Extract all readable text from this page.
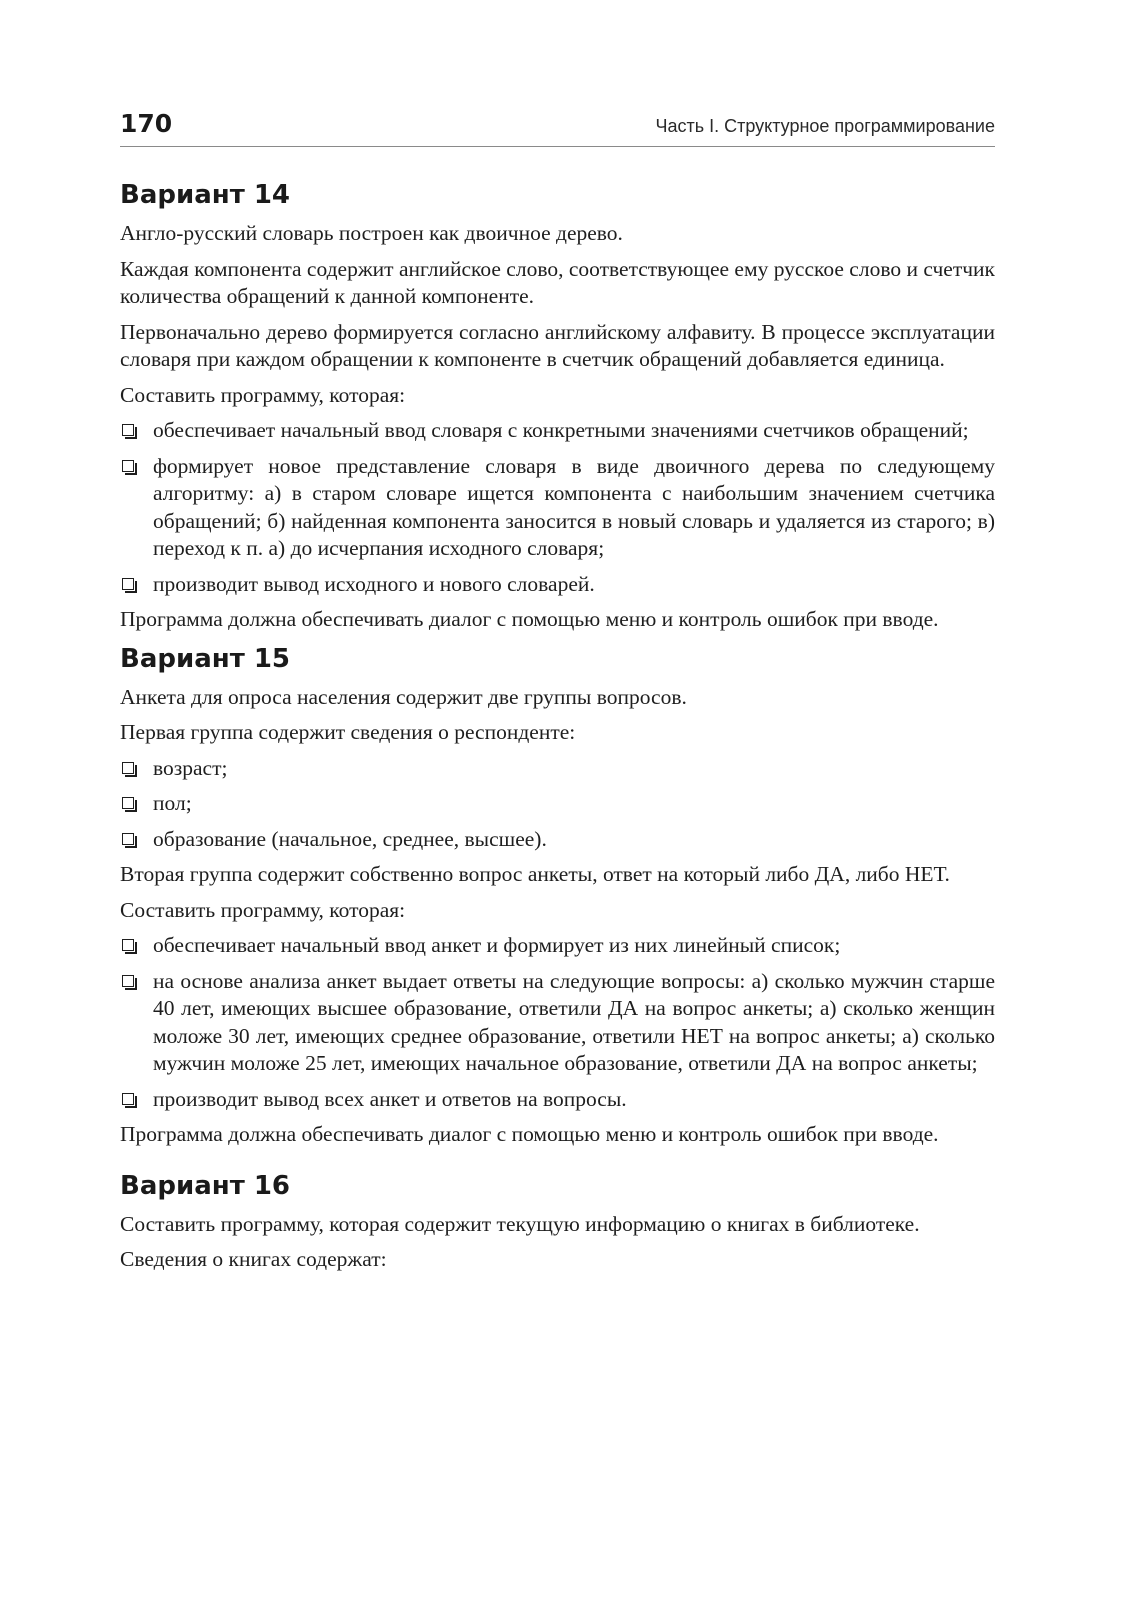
170	Часть I. Структурное программирование
Вариант 14

Англо-русский словарь построен как двоичное дерево.

Каждая компонента содержит английское слово, соответствующее ему русское слово и счетчик количества обращений к данной компоненте.

Первоначально дерево формируется согласно английскому алфавиту. В процессе эксплуатации словаря при каждом обращении к компоненте в счетчик обращений добавляется единица.

Составить программу, которая:

обеспечивает начальный ввод словаря с конкретными значениями счетчиков обращений;
формирует новое представление словаря в виде двоичного дерева по следующему алгоритму: а) в старом словаре ищется компонента с наибольшим значением счетчика обращений; б) найденная компонента заносится в новый словарь и удаляется из старого; в) переход к п. а) до исчерпания исходного словаря;
производит вывод исходного и нового словарей.

Программа должна обеспечивать диалог с помощью меню и контроль ошибок при вводе.

Вариант 15

Анкета для опроса населения содержит две группы вопросов.

Первая группа содержит сведения о респонденте:

возраст;
пол;
образование (начальное, среднее, высшее).

Вторая группа содержит собственно вопрос анкеты, ответ на который либо ДА, либо НЕТ.

Составить программу, которая:

обеспечивает начальный ввод анкет и формирует из них линейный список;
на основе анализа анкет выдает ответы на следующие вопросы: а) сколько мужчин старше 40 лет, имеющих высшее образование, ответили ДА на вопрос анкеты; а) сколько женщин моложе 30 лет, имеющих среднее образование, ответили НЕТ на вопрос анкеты; а) сколько мужчин моложе 25 лет, имеющих начальное образование, ответили ДА на вопрос анкеты;
производит вывод всех анкет и ответов на вопросы.

Программа должна обеспечивать диалог с помощью меню и контроль ошибок при вводе.

Вариант 16

Составить программу, которая содержит текущую информацию о книгах в библиотеке.

Сведения о книгах содержат:
